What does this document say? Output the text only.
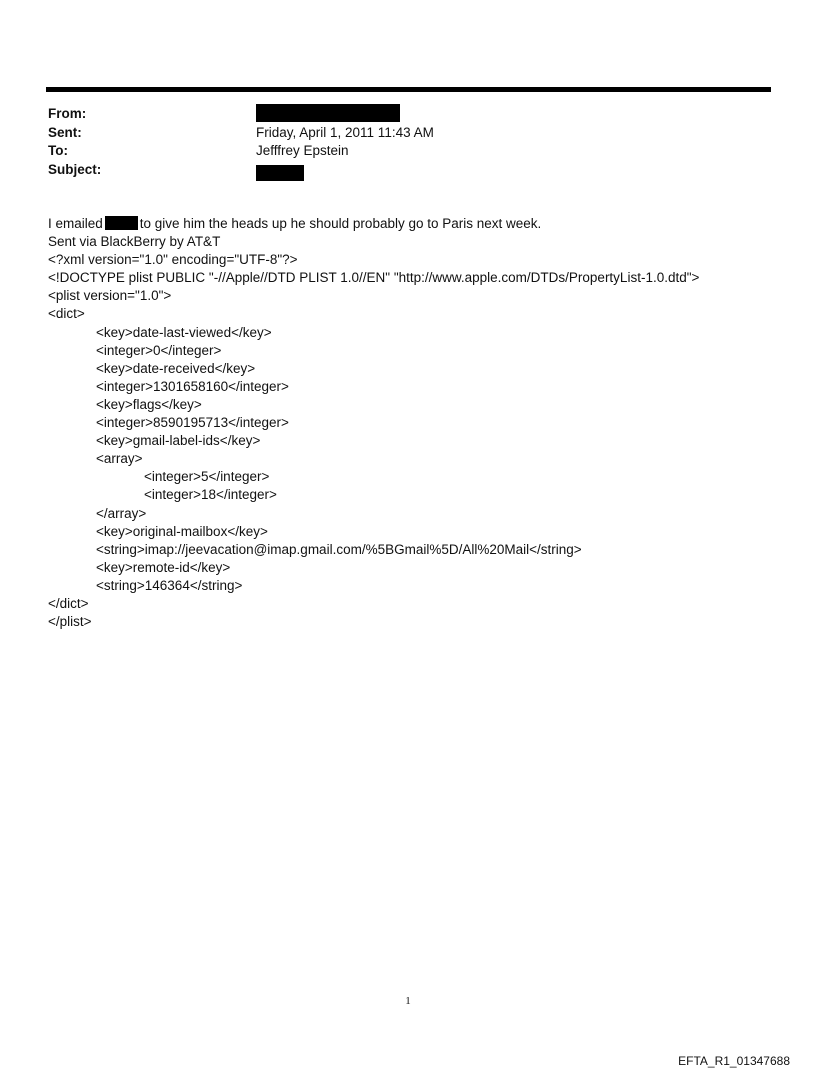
From:
Sent:	Friday, April 1, 2011 11:43 AM
To:	Jefffrey Epstein
Subject:
I emailed	to give him the heads up he should probably go to Paris next week.
Sent via BlackBerry by AT&T
<?xml version="1.0" encoding="UTF-8"?>
<!DOCTYPE plist PUBLIC "-//Apple//DTD PLIST 1.0//EN" "http://www.apple.com/DTDs/PropertyList-1.0.dtd">
<plist version="1.0">
<dict>
<key>date-last-viewed</key>
<integer>0</integer>
<key>date-received</key>
<integer>1301658160</integer>
<key>flags</key>
<integer>8590195713</integer>
<key>gmail-label-ids</key>
<array>
<integer>5</integer>
<integer>18</integer>
</array>
<key>original-mailbox</key>
<string>imap://jeevacation@imap.gmail.com/%5BGmail%5D/All%20Mail</string>
<key>remote-id</key>
<string>146364</string>
</dict>
</plist>
1
EFTA_R1_01347688
